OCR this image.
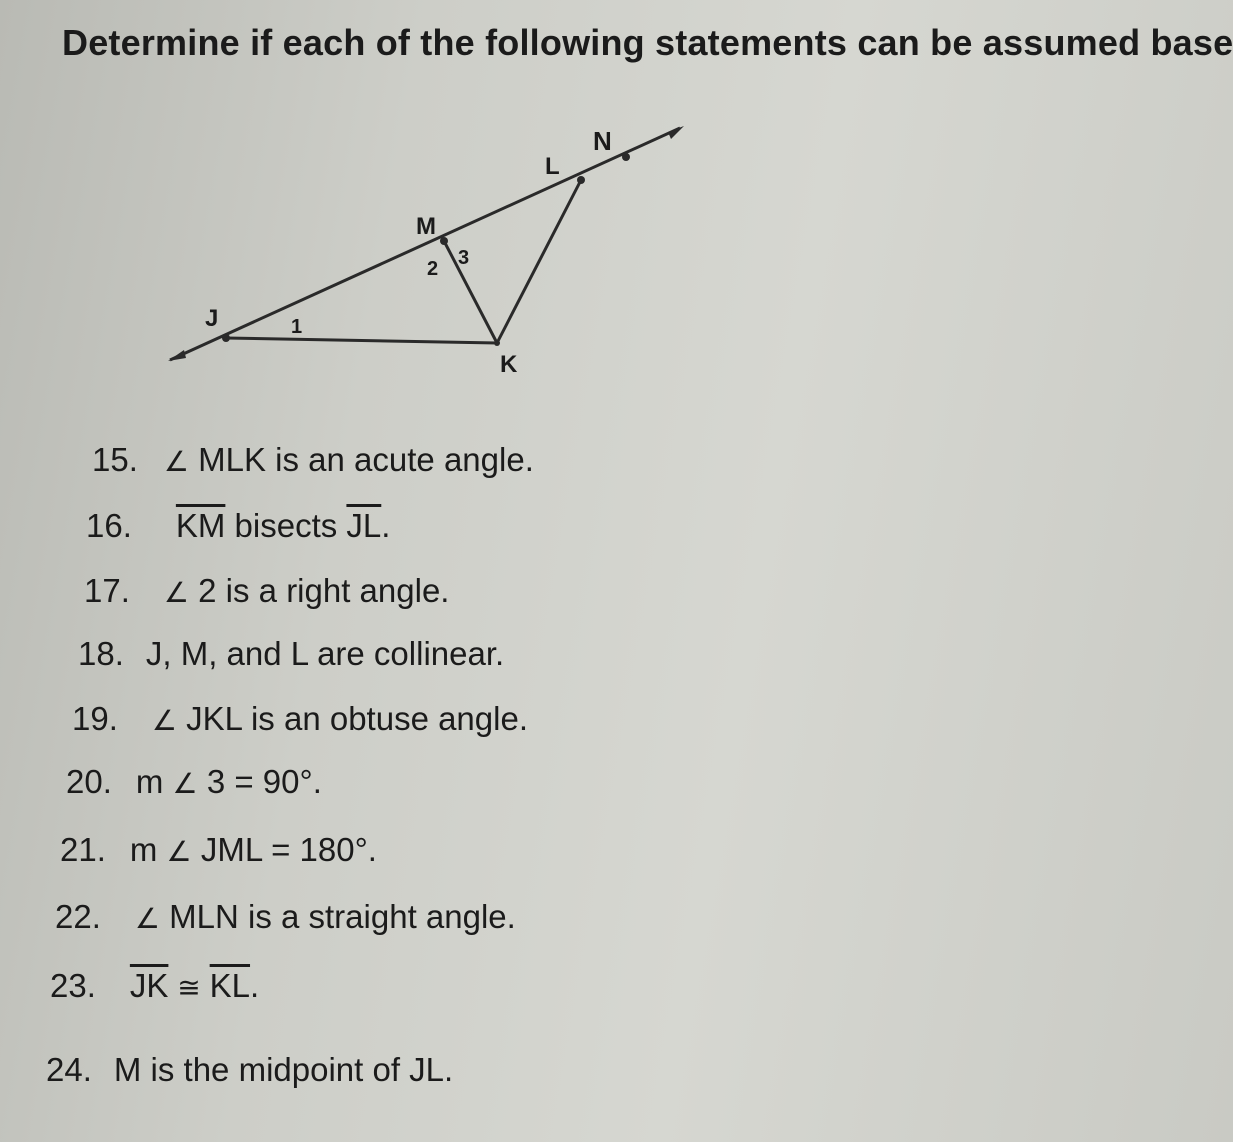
Determine if each of the following statements can be assumed base
N
L
M
2 3
J	1
K
15. ∠ MLK is an acute angle.
16. $\overline{KM}$ bisects $\overline{JL}$.
17. ∠ 2 is a right angle.
18. J, M, and L are collinear.
19. ∠ JKL is an obtuse angle.
20. m ∠ 3 = 90°.
21. m ∠ JML = 180°.
22. ∠ MLN is a straight angle.
23. $\overline{JK}$ ≅ $\overline{KL}$.
24. M is the midpoint of JL.
